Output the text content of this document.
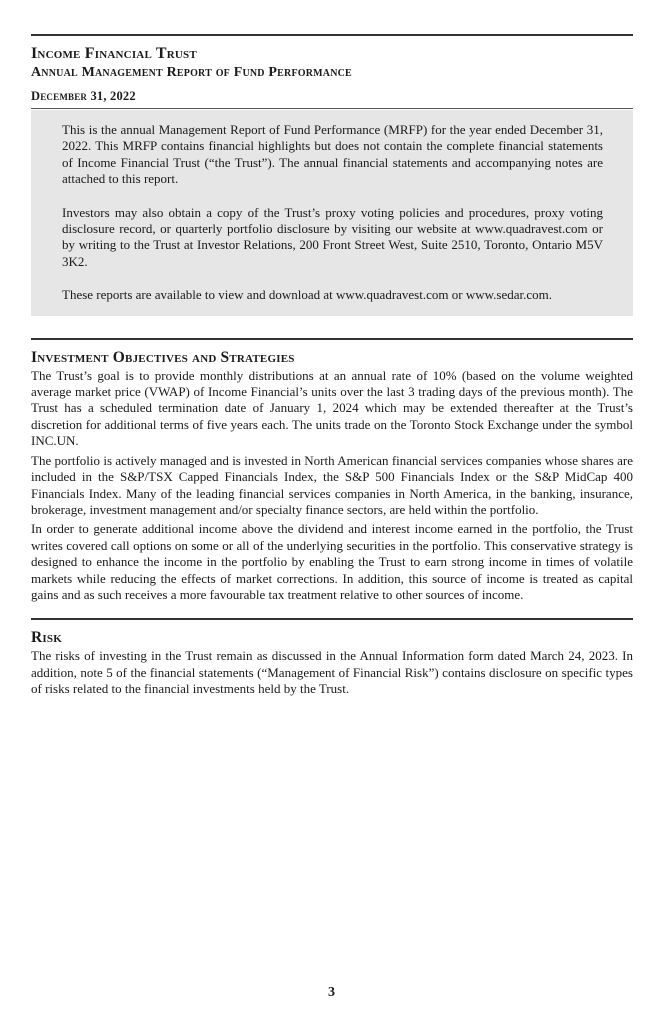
Income Financial Trust
Annual Management Report of Fund Performance
December 31, 2022

This is the annual Management Report of Fund Performance (MRFP) for the year ended December 31, 2022. This MRFP contains financial highlights but does not contain the complete financial statements of Income Financial Trust (“the Trust”). The annual financial statements and accompanying notes are attached to this report.

Investors may also obtain a copy of the Trust’s proxy voting policies and procedures, proxy voting disclosure record, or quarterly portfolio disclosure by visiting our website at www.quadravest.com or by writing to the Trust at Investor Relations, 200 Front Street West, Suite 2510, Toronto, Ontario M5V 3K2.

These reports are available to view and download at www.quadravest.com or www.sedar.com.

Investment Objectives and Strategies

The Trust’s goal is to provide monthly distributions at an annual rate of 10% (based on the volume weighted average market price (VWAP) of Income Financial’s units over the last 3 trading days of the previous month). The Trust has a scheduled termination date of January 1, 2024 which may be extended thereafter at the Trust’s discretion for additional terms of five years each. The units trade on the Toronto Stock Exchange under the symbol INC.UN.

The portfolio is actively managed and is invested in North American financial services companies whose shares are included in the S&P/TSX Capped Financials Index, the S&P 500 Financials Index or the S&P MidCap 400 Financials Index. Many of the leading financial services companies in North America, in the banking, insurance, brokerage, investment management and/or specialty finance sectors, are held within the portfolio.

In order to generate additional income above the dividend and interest income earned in the portfolio, the Trust writes covered call options on some or all of the underlying securities in the portfolio. This conservative strategy is designed to enhance the income in the portfolio by enabling the Trust to earn strong income in times of volatile markets while reducing the effects of market corrections. In addition, this source of income is treated as capital gains and as such receives a more favourable tax treatment relative to other sources of income.

Risk

The risks of investing in the Trust remain as discussed in the Annual Information form dated March 24, 2023. In addition, note 5 of the financial statements (“Management of Financial Risk”) contains disclosure on specific types of risks related to the financial investments held by the Trust.

3
